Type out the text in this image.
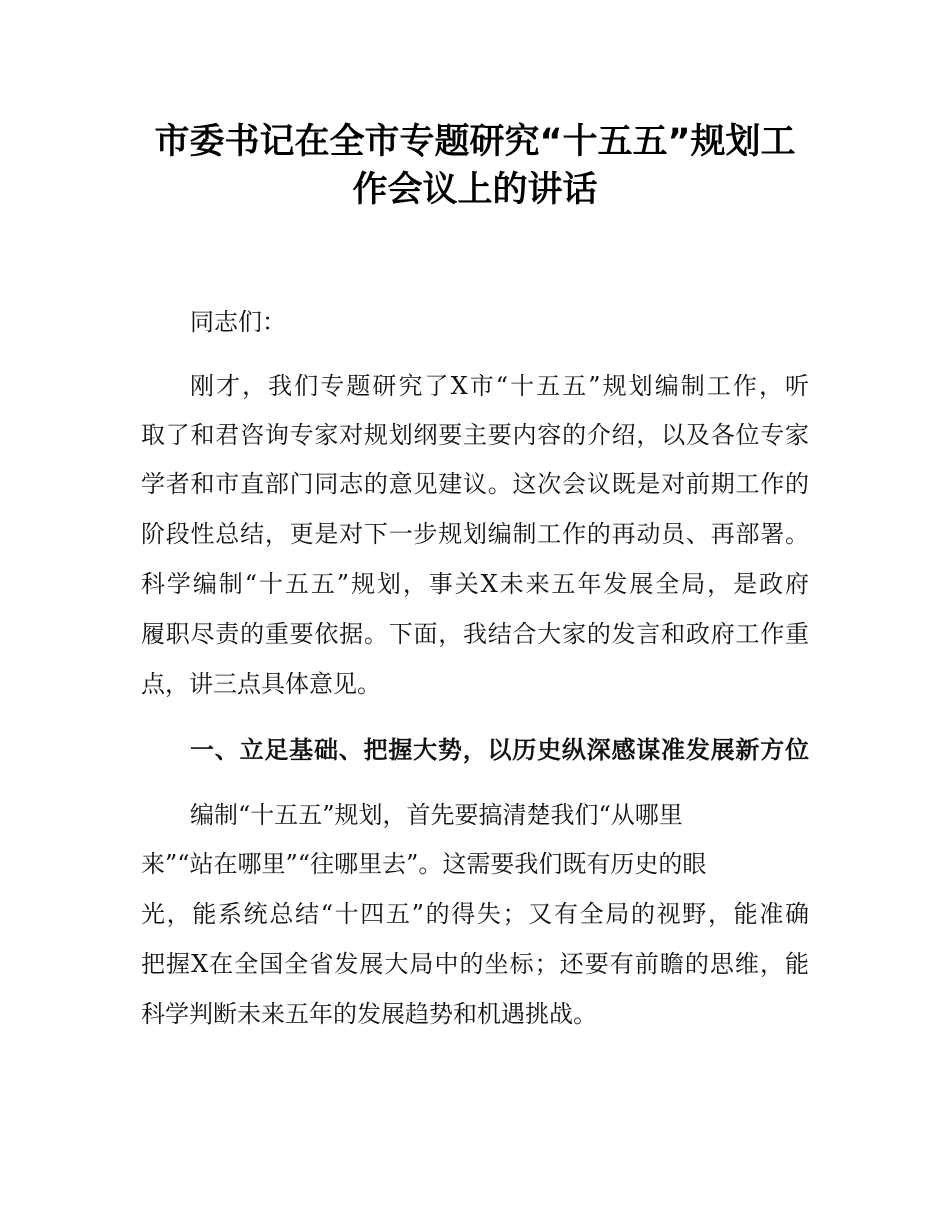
市委书记在全市专题研究“十五五”规划工
作会议上的讲话
同志们：
刚才，我们专题研究了X市“十五五”规划编制工作，听
取了和君咨询专家对规划纲要主要内容的介绍，以及各位专家
学者和市直部门同志的意见建议。这次会议既是对前期工作的
阶段性总结，更是对下一步规划编制工作的再动员、再部署。
科学编制“十五五”规划，事关X未来五年发展全局，是政府
履职尽责的重要依据。下面，我结合大家的发言和政府工作重
点，讲三点具体意见。
一、立足基础、把握大势，以历史纵深感谋准发展新方位
编制“十五五”规划，首先要搞清楚我们“从哪里
来”“站在哪里”“往哪里去”。这需要我们既有历史的眼
光，能系统总结“十四五”的得失；又有全局的视野，能准确
把握X在全国全省发展大局中的坐标；还要有前瞻的思维，能
科学判断未来五年的发展趋势和机遇挑战。
